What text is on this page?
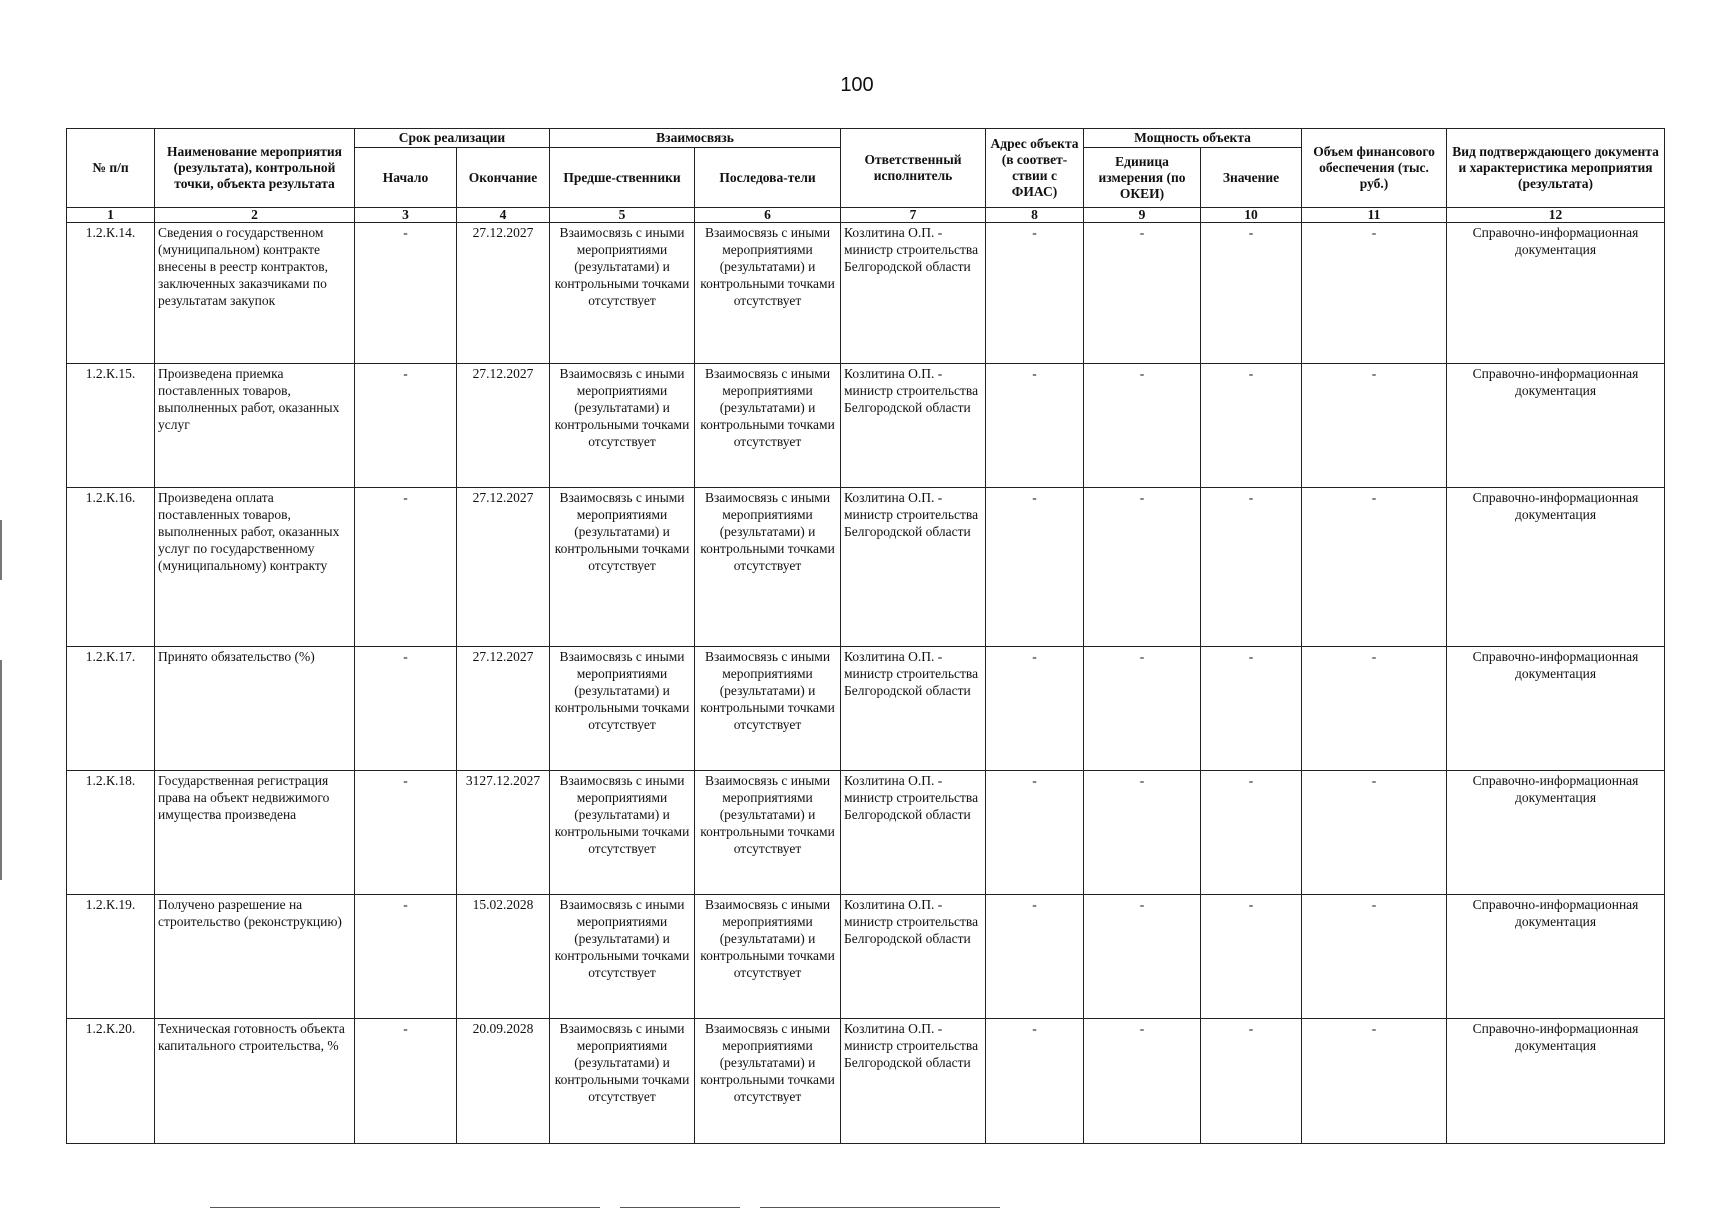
100
№ п/п	Наименование мероприятия (результата), контрольной точки, объекта результата	Срок реализации		Взаимосвязь		Ответственный исполнитель	Адрес объекта (в соответ-ствии с ФИАС)	Мощность объекта		Объем финансового обеспечения (тыс. руб.)	Вид подтверждающего документа и характеристика мероприятия (результата)
		Начало	Окончание	Предше-ственники	Последова-тели			Единица измерения (по ОКЕИ)	Значение		
1	2	3	4	5	6	7	8	9	10	11	12
1.2.К.14.	Сведения о государственном (муниципальном) контракте внесены в реестр контрактов, заключенных заказчиками по результатам закупок	-	27.12.2027	Взаимосвязь с иными мероприятиями (результатами) и контрольными точками отсутствует	Взаимосвязь с иными мероприятиями (результатами) и контрольными точками отсутствует	Козлитина О.П. - министр строительства Белгородской области	-	-	-	-	Справочно-информационная документация
1.2.К.15.	Произведена приемка поставленных товаров, выполненных работ, оказанных услуг	-	27.12.2027	Взаимосвязь с иными мероприятиями (результатами) и контрольными точками отсутствует	Взаимосвязь с иными мероприятиями (результатами) и контрольными точками отсутствует	Козлитина О.П. - министр строительства Белгородской области	-	-	-	-	Справочно-информационная документация
1.2.К.16.	Произведена оплата поставленных товаров, выполненных работ, оказанных услуг по государственному (муниципальному) контракту	-	27.12.2027	Взаимосвязь с иными мероприятиями (результатами) и контрольными точками отсутствует	Взаимосвязь с иными мероприятиями (результатами) и контрольными точками отсутствует	Козлитина О.П. - министр строительства Белгородской области	-	-	-	-	Справочно-информационная документация
1.2.К.17.	Принято обязательство (%)	-	27.12.2027	Взаимосвязь с иными мероприятиями (результатами) и контрольными точками отсутствует	Взаимосвязь с иными мероприятиями (результатами) и контрольными точками отсутствует	Козлитина О.П. - министр строительства Белгородской области	-	-	-	-	Справочно-информационная документация
1.2.К.18.	Государственная регистрация права на объект недвижимого имущества произведена	-	3127.12.2027	Взаимосвязь с иными мероприятиями (результатами) и контрольными точками отсутствует	Взаимосвязь с иными мероприятиями (результатами) и контрольными точками отсутствует	Козлитина О.П. - министр строительства Белгородской области	-	-	-	-	Справочно-информационная документация
1.2.К.19.	Получено разрешение на строительство (реконструкцию)	-	15.02.2028	Взаимосвязь с иными мероприятиями (результатами) и контрольными точками отсутствует	Взаимосвязь с иными мероприятиями (результатами) и контрольными точками отсутствует	Козлитина О.П. - министр строительства Белгородской области	-	-	-	-	Справочно-информационная документация
1.2.К.20.	Техническая готовность объекта капитального строительства, %	-	20.09.2028	Взаимосвязь с иными мероприятиями (результатами) и контрольными точками отсутствует	Взаимосвязь с иными мероприятиями (результатами) и контрольными точками отсутствует	Козлитина О.П. - министр строительства Белгородской области	-	-	-	-	Справочно-информационная документация
